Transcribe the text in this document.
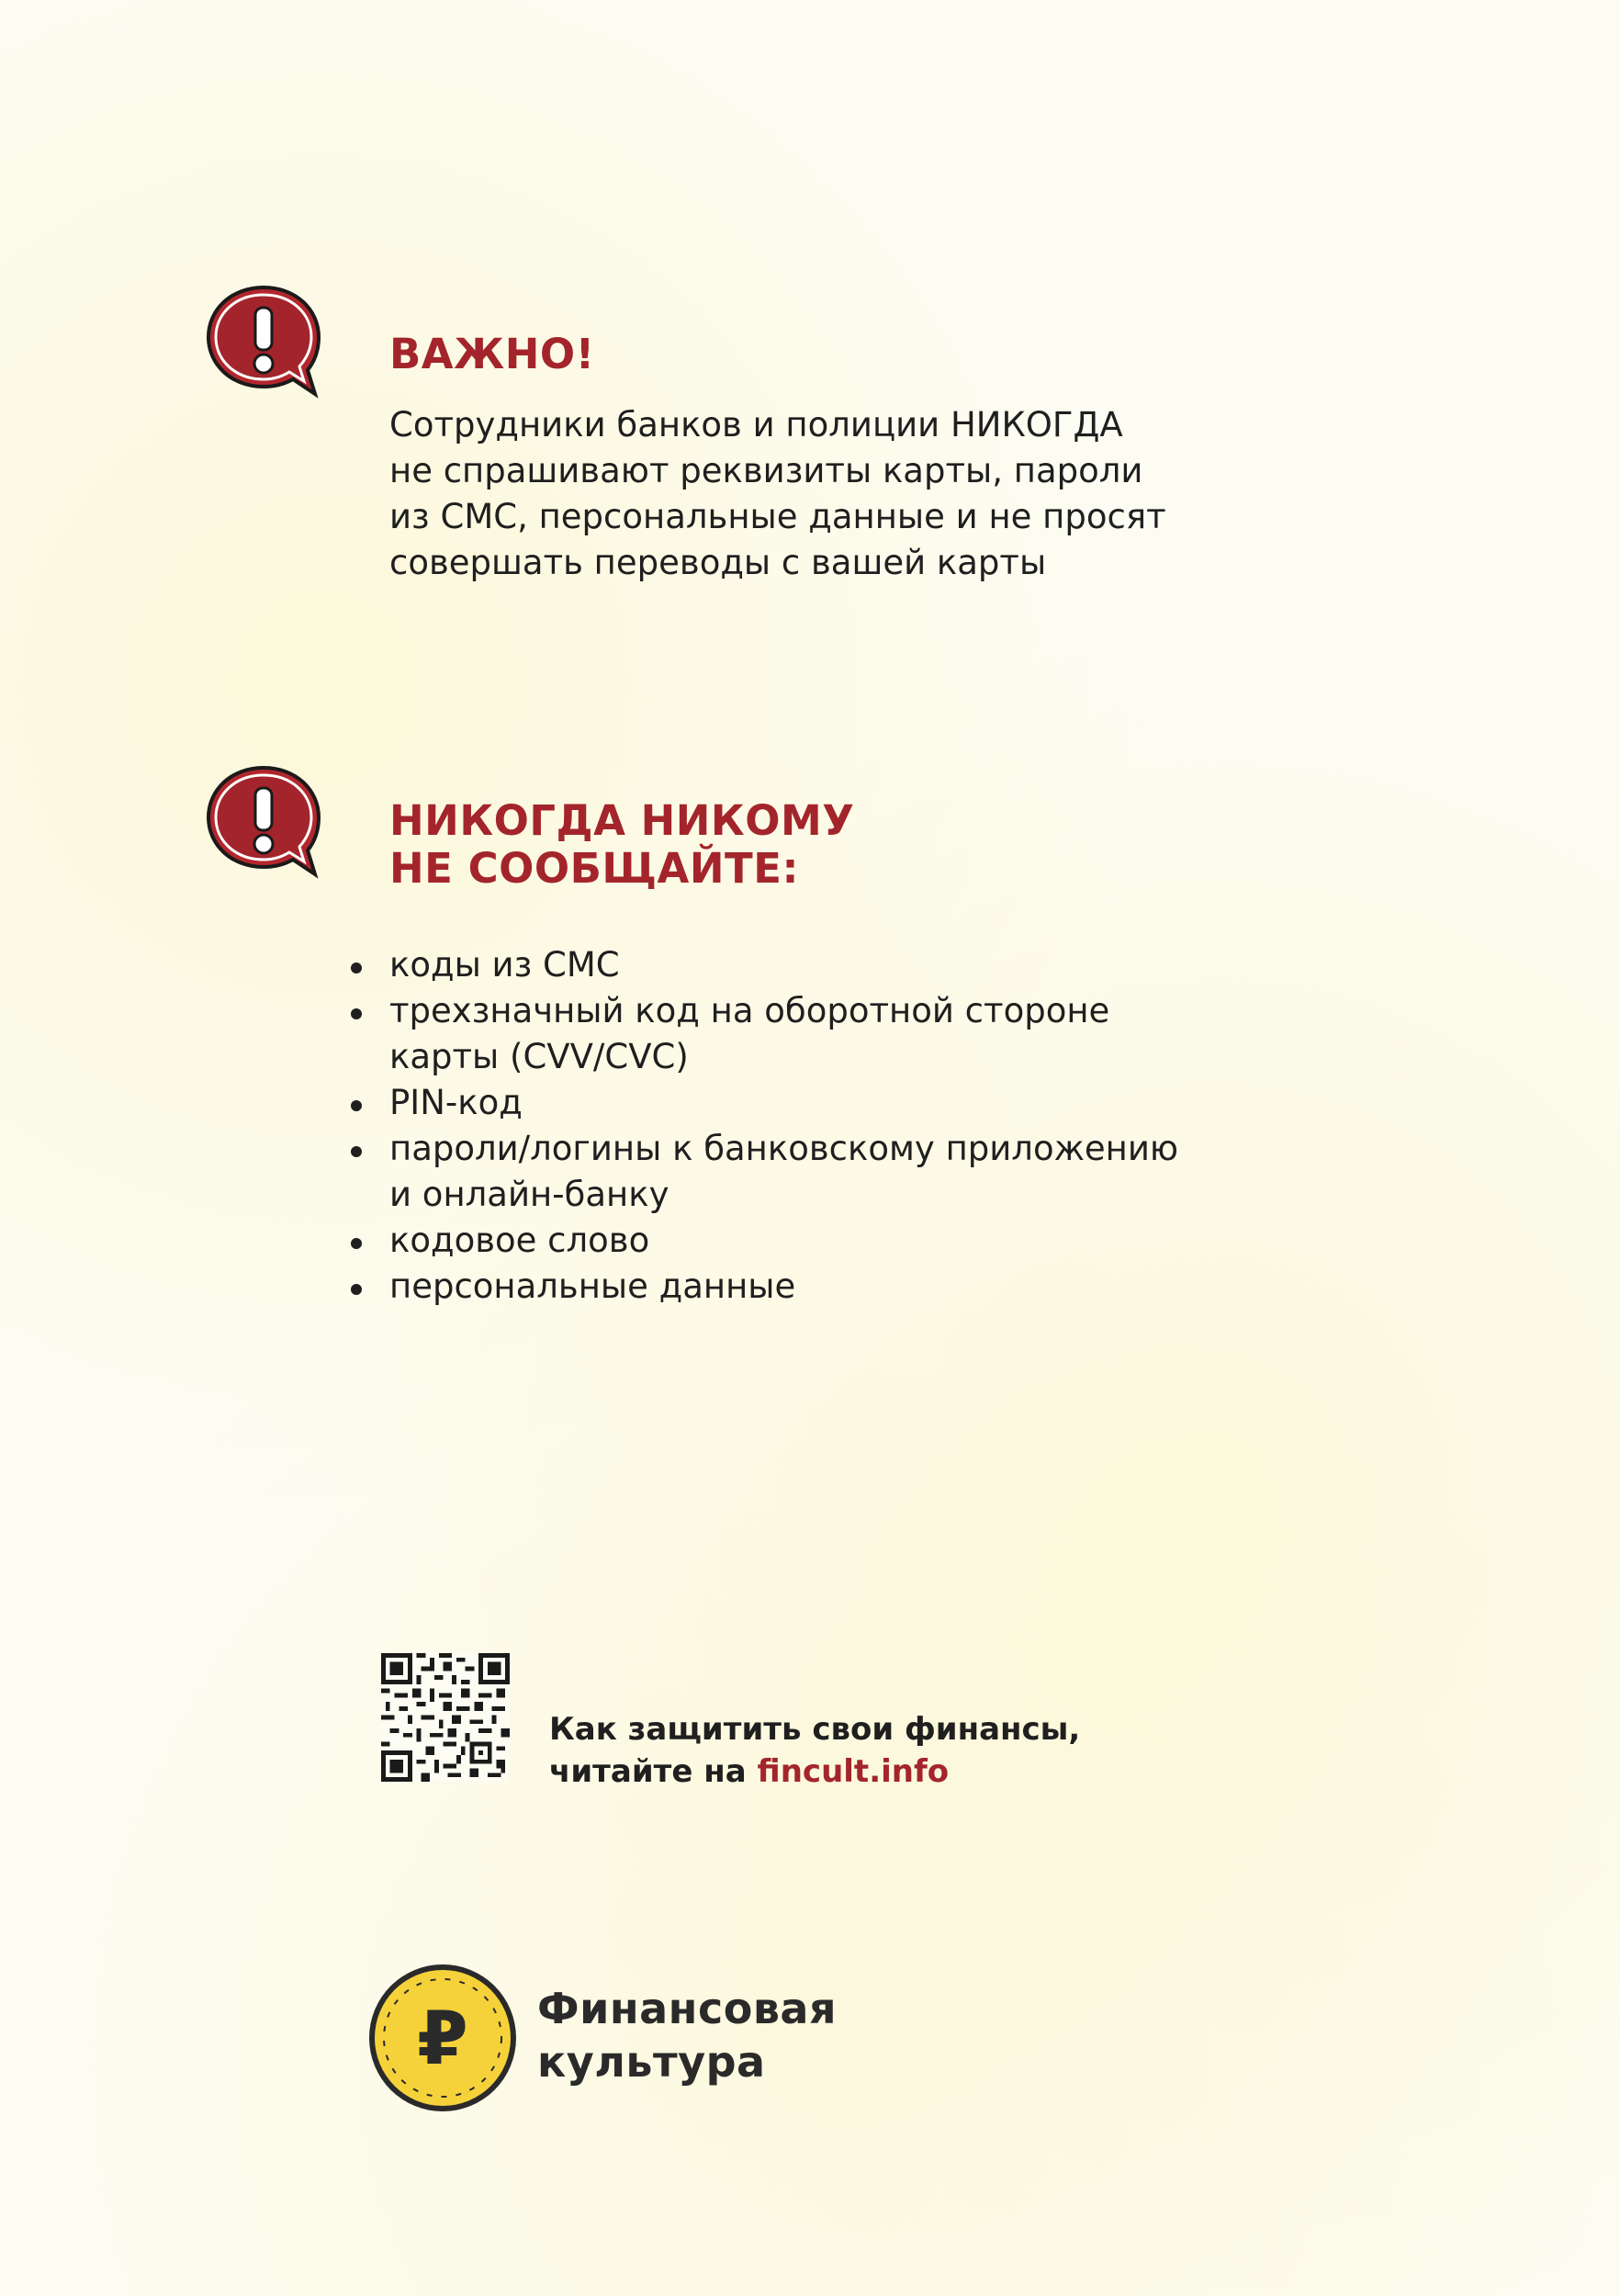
ВАЖНО!
Сотрудники банков и полиции НИКОГДА
не спрашивают реквизиты карты, пароли
из СМС, персональные данные и не просят
совершать переводы с вашей карты
НИКОГДА НИКОМУ
НЕ СООБЩАЙТЕ:
коды из СМС
трехзначный код на оборотной стороне
карты (CVV/CVC)
PIN-код
пароли/логины к банковскому приложению
и онлайн-банку
кодовое слово
персональные данные
Как защитить свои финансы,
читайте на fincult.info
₽ Финансовая
культура
